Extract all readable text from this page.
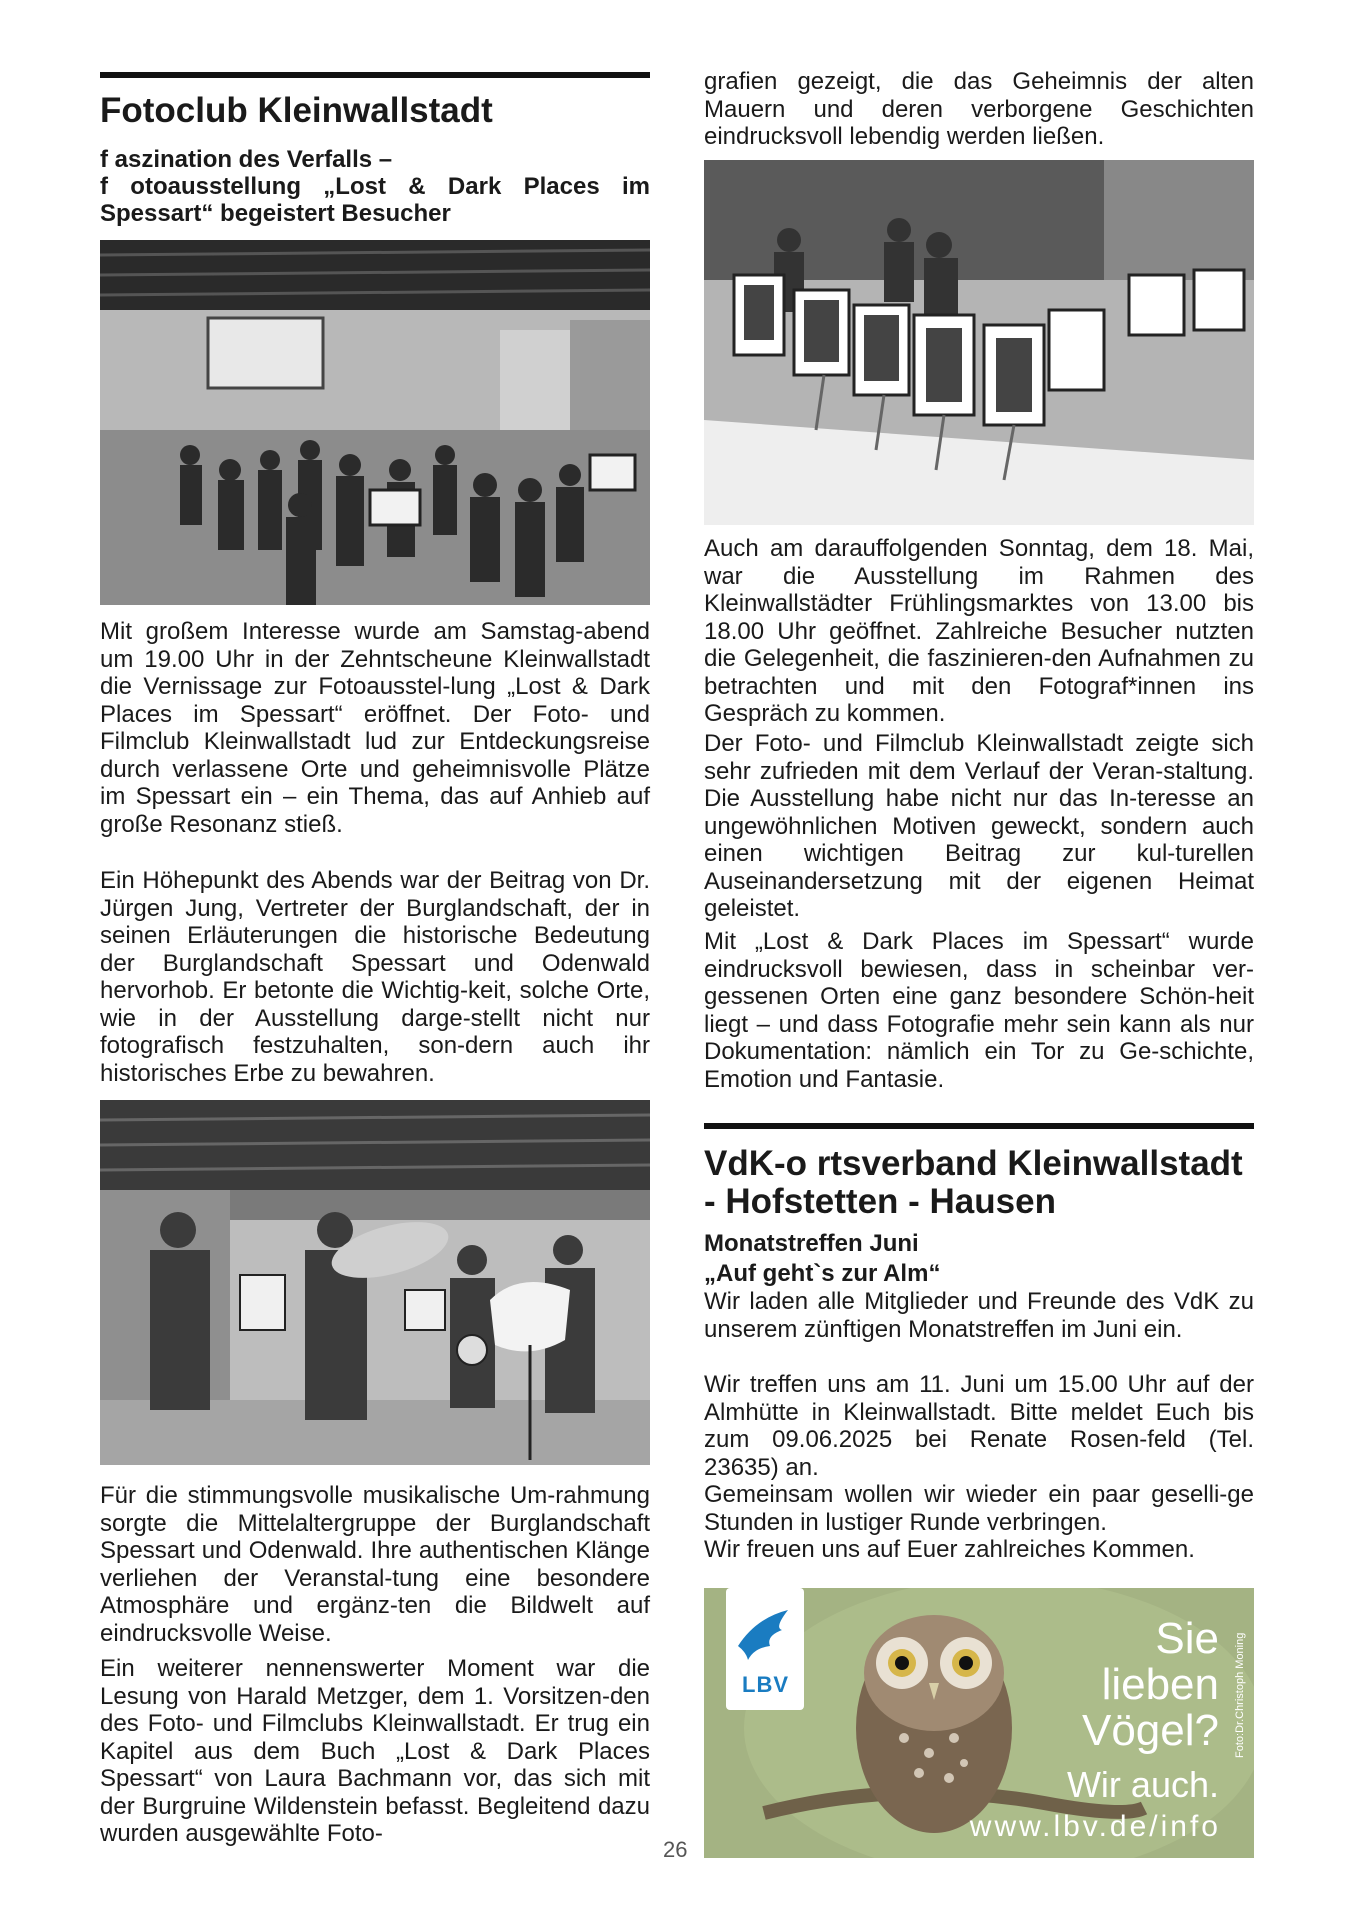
Fotoclub Kleinwallstadt
f aszination des Verfalls –
f otoausstellung „Lost & Dark Places im Spessart“ begeistert Besucher

Mit großem Interesse wurde am Samstag-abend um 19.00 Uhr in der Zehntscheune Kleinwallstadt die Vernissage zur Fotoausstel-lung „Lost & Dark Places im Spessart“ eröffnet. Der Foto- und Filmclub Kleinwallstadt lud zur Entdeckungsreise durch verlassene Orte und geheimnisvolle Plätze im Spessart ein – ein Thema, das auf Anhieb auf große Resonanz stieß.

Ein Höhepunkt des Abends war der Beitrag von Dr. Jürgen Jung, Vertreter der Burglandschaft, der in seinen Erläuterungen die historische Bedeutung der Burglandschaft Spessart und Odenwald hervorhob. Er betonte die Wichtig-keit, solche Orte, wie in der Ausstellung darge-stellt nicht nur fotografisch festzuhalten, son-dern auch ihr historisches Erbe zu bewahren.

Für die stimmungsvolle musikalische Um-rahmung sorgte die Mittelaltergruppe der Burglandschaft Spessart und Odenwald. Ihre authentischen Klänge verliehen der Veranstal-tung eine besondere Atmosphäre und ergänz-ten die Bildwelt auf eindrucksvolle Weise.

Ein weiterer nennenswerter Moment war die Lesung von Harald Metzger, dem 1. Vorsitzen-den des Foto- und Filmclubs Kleinwallstadt. Er trug ein Kapitel aus dem Buch „Lost & Dark Places Spessart“ von Laura Bachmann vor, das sich mit der Burgruine Wildenstein befasst. Begleitend dazu wurden ausgewählte Foto-

grafien gezeigt, die das Geheimnis der alten Mauern und deren verborgene Geschichten eindrucksvoll lebendig werden ließen.

Auch am darauffolgenden Sonntag, dem 18. Mai, war die Ausstellung im Rahmen des Kleinwallstädter Frühlingsmarktes von 13.00 bis 18.00 Uhr geöffnet. Zahlreiche Besucher nutzten die Gelegenheit, die faszinieren-den Aufnahmen zu betrachten und mit den Fotograf*innen ins Gespräch zu kommen.

Der Foto- und Filmclub Kleinwallstadt zeigte sich sehr zufrieden mit dem Verlauf der Veran-staltung. Die Ausstellung habe nicht nur das In-teresse an ungewöhnlichen Motiven geweckt, sondern auch einen wichtigen Beitrag zur kul-turellen Auseinandersetzung mit der eigenen Heimat geleistet.

Mit „Lost & Dark Places im Spessart“ wurde eindrucksvoll bewiesen, dass in scheinbar ver-gessenen Orten eine ganz besondere Schön-heit liegt – und dass Fotografie mehr sein kann als nur Dokumentation: nämlich ein Tor zu Ge-schichte, Emotion und Fantasie.

VdK-o rtsverband Kleinwallstadt - Hofstetten - Hausen
Monatstreffen Juni
„Auf geht`s zur Alm“

Wir laden alle Mitglieder und Freunde des VdK zu unserem zünftigen Monatstreffen im Juni ein.

Wir treffen uns am 11. Juni um 15.00 Uhr auf der Almhütte in Kleinwallstadt. Bitte meldet Euch bis zum 09.06.2025 bei Renate Rosen-feld (Tel. 23635) an.

Gemeinsam wollen wir wieder ein paar geselli-ge Stunden in lustiger Runde verbringen.

Wir freuen uns auf Euer zahlreiches Kommen.

LBV
Sie
lieben
Vögel?
Wir auch.
www.lbv.de/info
Foto:Dr.Christoph Moning
26
